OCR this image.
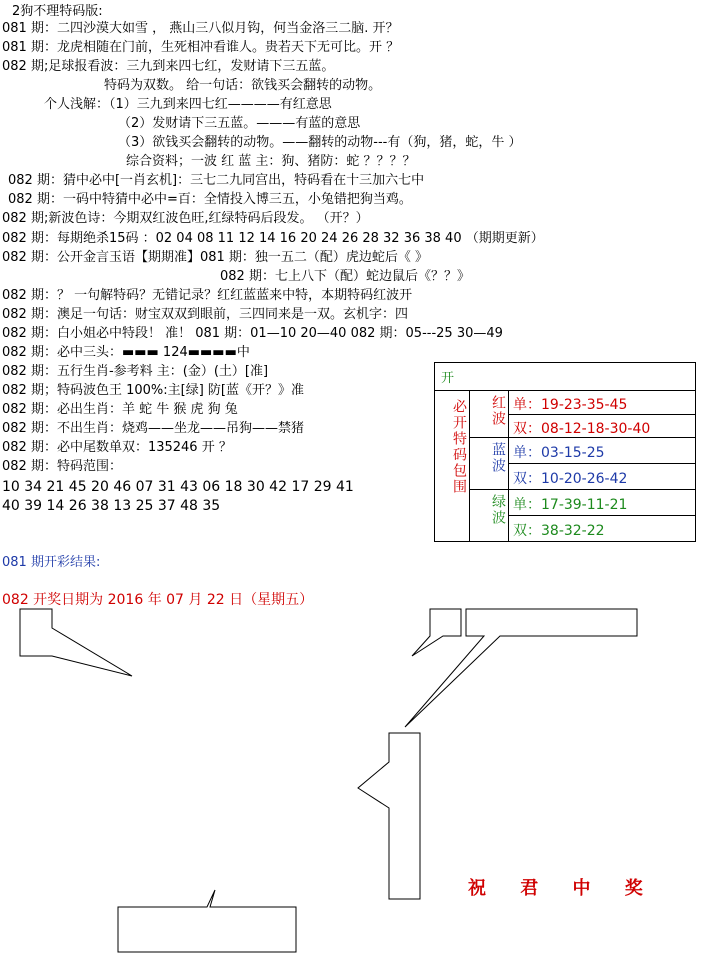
2狗不理特码版:
081 期：二四沙漠大如雪 ， 燕山三八似月钩，何当金洛三二脑. 开？
081 期：龙虎相随在门前，生死相冲看谁人。贵若天下无可比。开 ？
082 期;足球报看波：三九到来四七红，发财请下三五蓝。
特码为双数。 给一句话：欲钱买会翻转的动物。
个人浅解：（1）三九到来四七红————有红意思
（2）发财请下三五蓝。———有蓝的意思
（3）欲钱买会翻转的动物。——翻转的动物---有（狗，猪，蛇，牛 ）
综合资料；一波 红 蓝 主：狗、猪防：蛇 ？？？？
082 期：猜中必中[一肖玄机]：三七二九同宫出，特码看在十三加六七中
082 期：一码中特猜中必中=百：全情投入博三五，小兔错把狗当鸡。
082 期;新波色诗：今期双红波色旺,红绿特码后段发。 （开？）
082 期：每期绝杀15码 ：02 04 08 11 12 14 16 20 24 26 28 32 36 38 40 （期期更新）
082 期：公开金言玉语【期期准】081 期：独一五二（配）虎边蛇后《 》
082 期：七上八下（配）蛇边鼠后《？？》
082 期：？ 一句解特码？无错记录？红红蓝蓝来中特，本期特码红波开
082 期：澳足一句话：财宝双双到眼前，三四同来是一双。玄机字：四
082 期：白小姐必中特段！ 准！ 081 期：01—10 20—40 082 期：05---25 30—49
082 期：必中三头：▬▬▬ 124▬▬▬▬中
082 期：五行生肖-参考料 主：(金）(土）[准]
082 期；特码波色王 100%:主[绿] 防[蓝《开？》准
082 期：必出生肖：羊 蛇 牛 猴 虎 狗 兔
082 期：不出生肖：烧鸡——坐龙——吊狗——禁猪
082 期：必中尾数单双：135246 开 ？
082 期：特码范围：
10 34 21 45 20 46 07 31 43 06 18 30 42 17 29 41
40 39 14 26 38 13 25 37 48 35
开
必开特码包围	红波 单：19-23-35-45
双：08-12-18-30-40
蓝波 单：03-15-25
双：10-20-26-42
绿波 单：17-39-11-21
双：38-32-22
081 期开彩结果:
082 开奖日期为 2016 年 07 月 22 日（星期五）
祝 君 中 奖
